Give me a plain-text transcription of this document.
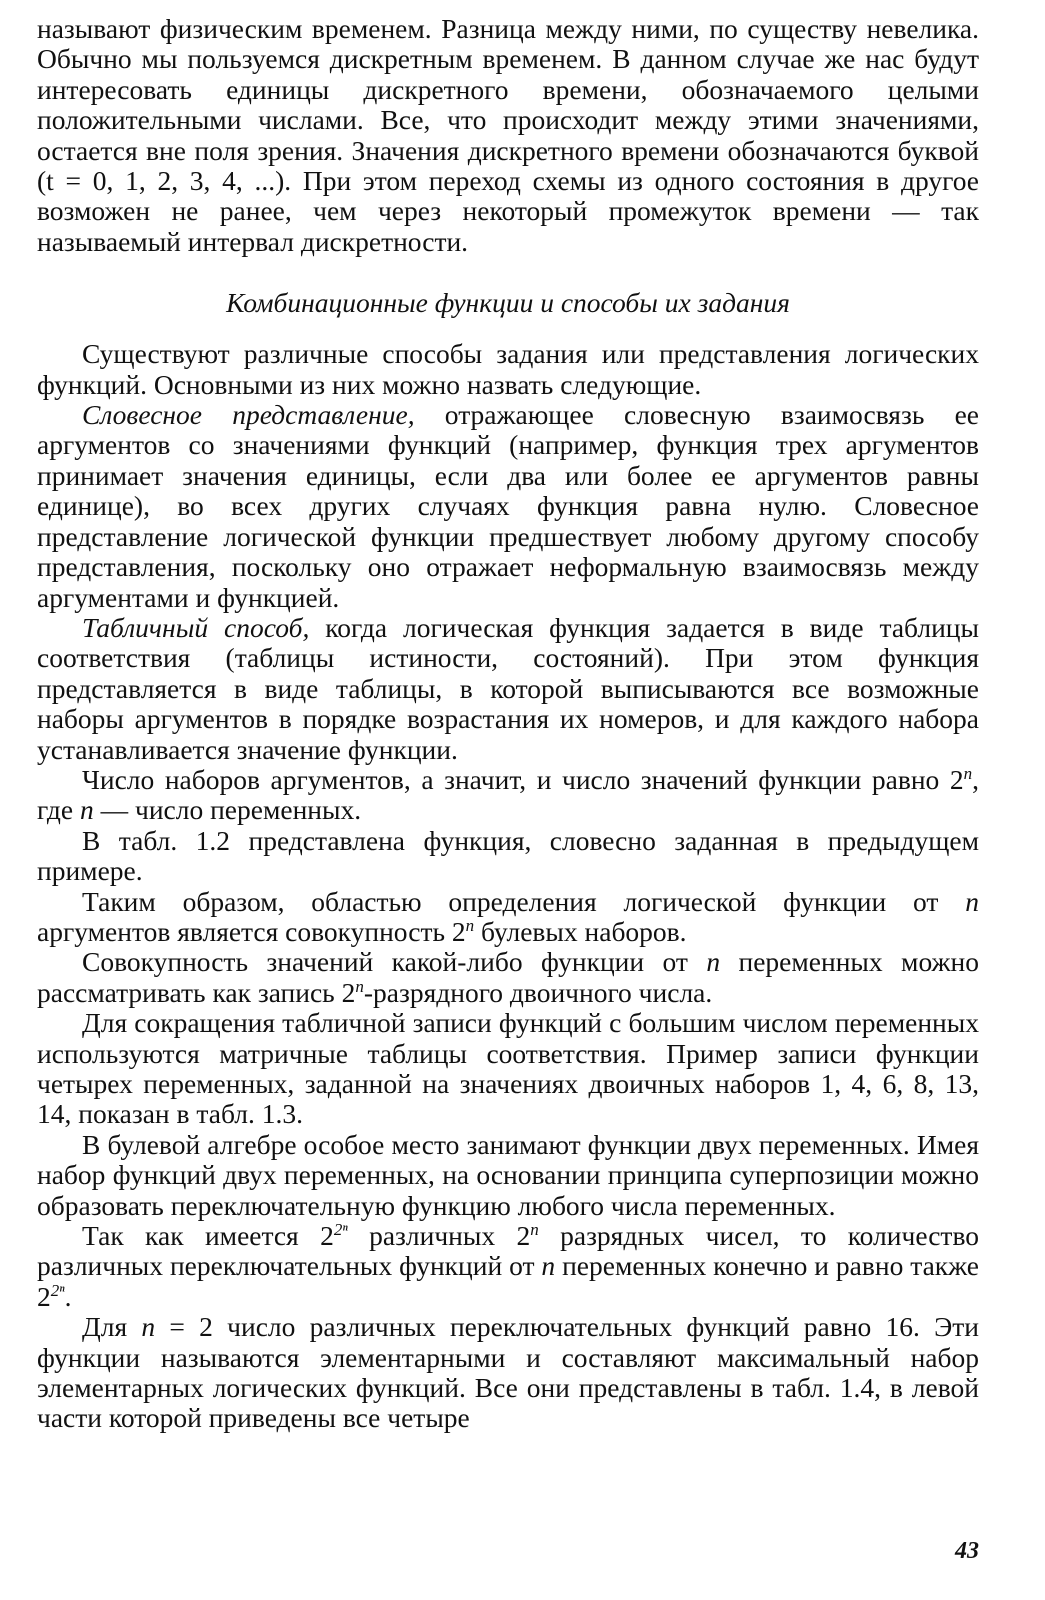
называют физическим временем. Разница между ними, по существу невелика. Обычно мы пользуемся дискретным временем. В данном случае же нас будут интересовать единицы дискретного времени, обозначаемого целыми положительными числами. Все, что происходит между этими значениями, остается вне поля зрения. Значения дискретного времени обозначаются буквой (t = 0, 1, 2, 3, 4, ...). При этом переход схемы из одного состояния в другое возможен не ранее, чем через некоторый промежуток времени — так называемый интервал дискретности.

Комбинационные функции и способы их задания

Существуют различные способы задания или представления логических функций. Основными из них можно назвать следующие.

Словесное представление, отражающее словесную взаимосвязь ее аргументов со значениями функций (например, функция трех аргументов принимает значения единицы, если два или более ее аргументов равны единице), во всех других случаях функция равна нулю. Словесное представление логической функции предшествует любому другому способу представления, поскольку оно отражает неформальную взаимосвязь между аргументами и функцией.

Табличный способ, когда логическая функция задается в виде таблицы соответствия (таблицы истиности, состояний). При этом функция представляется в виде таблицы, в которой выписываются все возможные наборы аргументов в порядке возрастания их номеров, и для каждого набора устанавливается значение функции.

Число наборов аргументов, а значит, и число значений функции равно 2$^n$, где n — число переменных.

В табл. 1.2 представлена функция, словесно заданная в предыдущем примере.

Таким образом, областью определения логической функции от n аргументов является совокупность 2$^n$ булевых наборов.

Совокупность значений какой-либо функции от n переменных можно рассматривать как запись 2$^n$-разрядного двоичного числа.

Для сокращения табличной записи функций с большим числом переменных используются матричные таблицы соответствия. Пример записи функции четырех переменных, заданной на значениях двоичных наборов 1, 4, 6, 8, 13, 14, показан в табл. 1.3.

В булевой алгебре особое место занимают функции двух переменных. Имея набор функций двух переменных, на основании принципа суперпозиции можно образовать переключательную функцию любого числа переменных.

Так как имеется $2^{2^n}$ различных 2$^n$ разрядных чисел, то количество различных переключательных функций от n переменных конечно и равно также $2^{2^n}$.

Для n = 2 число различных переключательных функций равно 16. Эти функции называются элементарными и составляют максимальный набор элементарных логических функций. Все они представлены в табл. 1.4, в левой части которой приведены все четыре

43
